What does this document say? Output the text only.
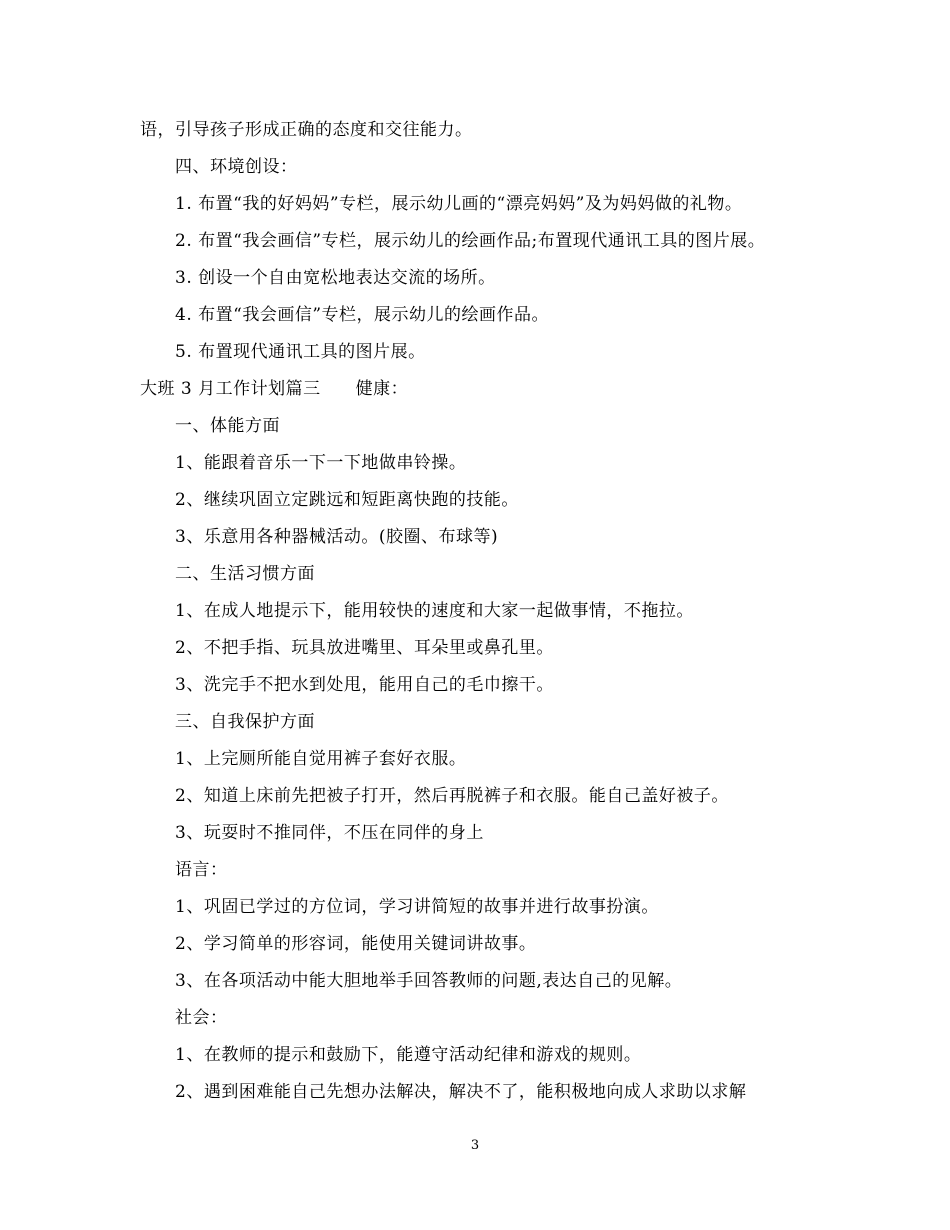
语，引导孩子形成正确的态度和交往能力。
四、环境创设：
1. 布置“我的好妈妈”专栏，展示幼儿画的“漂亮妈妈”及为妈妈做的礼物。
2. 布置“我会画信”专栏，展示幼儿的绘画作品;布置现代通讯工具的图片展。
3. 创设一个自由宽松地表达交流的场所。
4. 布置“我会画信”专栏，展示幼儿的绘画作品。
5. 布置现代通讯工具的图片展。
大班 3 月工作计划篇三　　健康：
一、体能方面
1、能跟着音乐一下一下地做串铃操。
2、继续巩固立定跳远和短距离快跑的技能。
3、乐意用各种器械活动。(胶圈、布球等)
二、生活习惯方面
1、在成人地提示下，能用较快的速度和大家一起做事情，不拖拉。
2、不把手指、玩具放进嘴里、耳朵里或鼻孔里。
3、洗完手不把水到处甩，能用自己的毛巾擦干。
三、自我保护方面
1、上完厕所能自觉用裤子套好衣服。
2、知道上床前先把被子打开，然后再脱裤子和衣服。能自己盖好被子。
3、玩耍时不推同伴，不压在同伴的身上
语言：
1、巩固已学过的方位词，学习讲简短的故事并进行故事扮演。
2、学习简单的形容词，能使用关键词讲故事。
3、在各项活动中能大胆地举手回答教师的问题,表达自己的见解。
社会：
1、在教师的提示和鼓励下，能遵守活动纪律和游戏的规则。
2、遇到困难能自己先想办法解决，解决不了，能积极地向成人求助以求解
3
